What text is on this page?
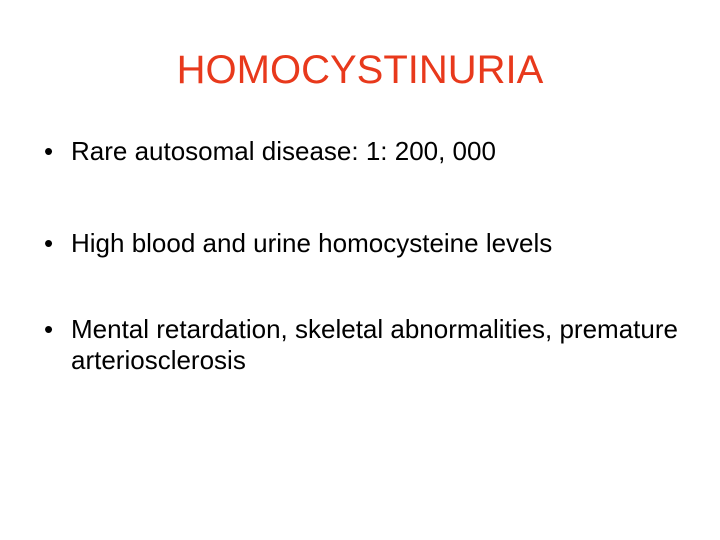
HOMOCYSTINURIA
• Rare autosomal disease: 1: 200, 000
• High blood and urine homocysteine levels
• Mental retardation, skeletal abnormalities, premature arteriosclerosis
